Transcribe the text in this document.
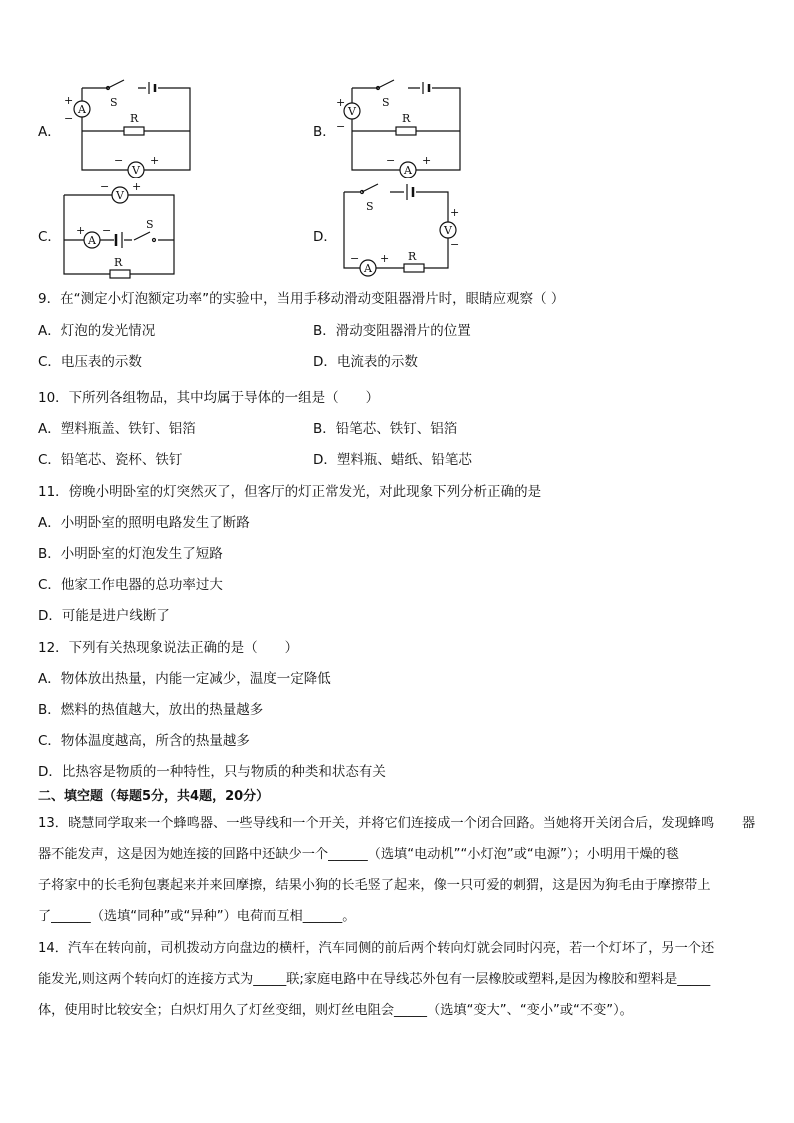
A．	B．
C．	D．
S
A
+
−	R
V
− +
S
V
+
−
R
A
− +
V
− +
A
+ −	S
R
S
V
+
−
A
− + R
9．在“测定小灯泡额定功率”的实验中，当用手移动滑动变阻器滑片时，眼睛应观察（ ）
A．灯泡的发光情况	B．滑动变阻器滑片的位置
C．电压表的示数	D．电流表的示数
10．下所列各组物品，其中均属于导体的一组是（　　）
A．塑料瓶盖、铁钉、铝箔	B．铅笔芯、铁钉、铝箔
C．铅笔芯、瓷杯、铁钉	D．塑料瓶、蜡纸、铅笔芯
11．傍晚小明卧室的灯突然灭了，但客厅的灯正常发光，对此现象下列分析正确的是
A．小明卧室的照明电路发生了断路
B．小明卧室的灯泡发生了短路
C．他家工作电器的总功率过大
D．可能是进户线断了
12．下列有关热现象说法正确的是（　　）
A．物体放出热量，内能一定减少，温度一定降低
B．燃料的热值越大，放出的热量越多
C．物体温度越高，所含的热量越多
D．比热容是物质的一种特性，只与物质的种类和状态有关
二、填空题（每题5分，共4题，20分）
13．晓慧同学取来一个蜂鸣器、一些导线和一个开关，并将它们连接成一个闭合回路。当她将开关闭合后，发现蜂鸣 器
器不能发声，这是因为她连接的回路中还缺少一个______（选填“电动机”“小灯泡”或“电源”）；小明用干燥的毯
子将家中的长毛狗包裹起来并来回摩擦，结果小狗的长毛竖了起来，像一只可爱的刺猬，这是因为狗毛由于摩擦带上
了______（选填“同种”或“异种”）电荷而互相______。
14．汽车在转向前，司机拨动方向盘边的横杆，汽车同侧的前后两个转向灯就会同时闪亮，若一个灯坏了，另一个还
能发光,则这两个转向灯的连接方式为_____联;家庭电路中在导线芯外包有一层橡胶或塑料,是因为橡胶和塑料是_____
体，使用时比较安全；白炽灯用久了灯丝变细，则灯丝电阻会_____（选填“变大”、“变小”或“不变”）。
